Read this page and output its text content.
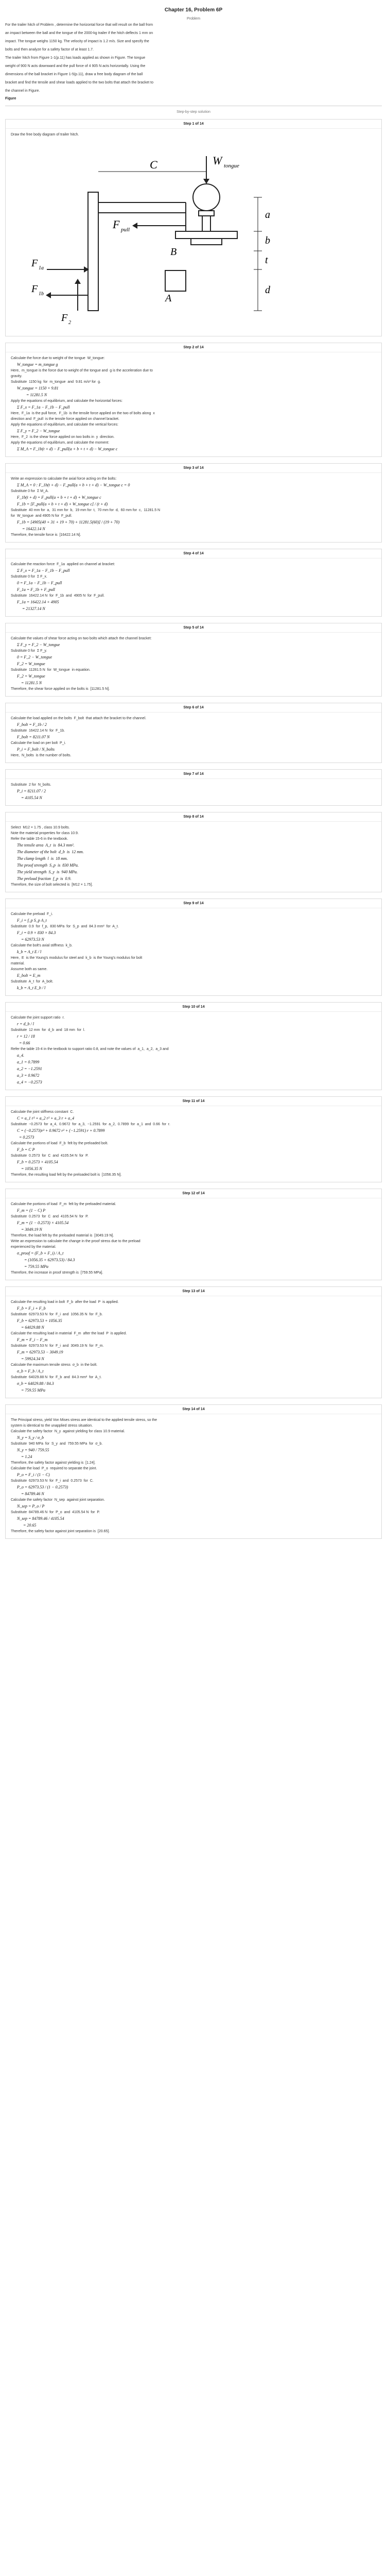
Chapter 16, Problem 6P
Problem
For the trailer hitch of Problem , determine the horizontal force that will result on the ball from
an impact between the ball and the tongue of the 2000-kg trailer if the hitch deflects 1 mm on
impact. The tongue weighs 1150 kg. The velocity of impact is 1.2 m/s. Size and specify the
bolts and then analyze for a safety factor of at least 1.7.
The trailer hitch from Figure 1-1(p.11) has loads applied as shown in Figure. The tongue
weight of 900 N acts downward and the pull force of 4 905 N acts horizontally. Using the
dimensions of the ball bracket in Figure 1-5(p.11), draw a free body diagram of the ball
bracket and find the tensile and shear loads applied to the two bolts that attach the bracket to
the channel in Figure.
Figure
Step-by-step solution
Step 1 of 14
Draw the free body diagram of trailer hitch.
W tongue
F pull
C
a
b
t
d
B
A
F 1a
F 1b
F 2
Step 2 of 14
Calculate the force due to weight of the tongue  W_tongue:
W_tongue = m_tongue g
Here,  m_tongue is the force due to weight of the tongue and  g is the acceleration due to
gravity.
Substitute  1150 kg  for  m_tongue  and  9.81 m/s² for  g.
W_tongue = 1150 × 9.81
= 11281.5 N
Apply the equations of equilibrium, and calculate the horizontal forces:
Σ F_x = F_1a − F_1b − F_pull
Here,  F_1a  is the pull force,  F_1b  is the tensile force applied on the two of bolts along  x
direction and  F_pull  is the tensile force applied on channel bracket.
Apply the equations of equilibrium, and calculate the vertical forces:
Σ F_y = F_2 − W_tongue
Here,  F_2  is the shear force applied on two bolts in  y  direction.
Apply the equations of equilibrium, and calculate the moment:
Σ M_A = F_1b(t + d) − F_pull(a + b + t + d) − W_tongue c
Step 3 of 14
Write an expression to calculate the axial force acting on the bolts:
Σ M_A = 0 : F_1b(t + d) − F_pull(a + b + t + d) − W_tongue c = 0
Substitute 0 for  Σ M_A.
F_1b(t + d) = F_pull(a + b + t + d) + W_tongue c
F_1b = [F_pull(a + b + t + d) + W_tongue c] / (t + d)
Substitute  40 mm for  a,  31 mm for  b,  19 mm for  t,  70 mm for  d,  60 mm for  c,  11281.5 N
for  W_tongue  and 4905 N for  F_pull.
F_1b = [4905(40 + 31 + 19 + 70) + 11281.5(60)] / (19 + 70)
= 16422.14 N
Therefore, the tensile force is  [16422.14 N].
Step 4 of 14
Calculate the reaction force  F_1a  applied on channel at bracket:
Σ F_x = F_1a − F_1b − F_pull
Substitute 0 for  Σ F_x.
0 = F_1a − F_1b − F_pull
F_1a = F_1b + F_pull
Substitute  16422.14 N  for  F_1b  and  4905 N  for  F_pull.
F_1a = 16422.14 + 4905
= 21327.14 N
Step 5 of 14
Calculate the values of shear force acting on two bolts which attach the channel bracket:
Σ F_y = F_2 − W_tongue
Substitute 0 for  Σ F_y.
0 = F_2 − W_tongue
F_2 = W_tongue
Substitute  11281.5 N  for  W_tongue  in equation.
F_2 = W_tongue
= 11281.5 N
Therefore, the shear force applied on the bolts is  [11281.5 N].
Step 6 of 14
Calculate the load applied on the bolts  F_bolt  that attach the bracket to the channel.
F_bolt = F_1b / 2
Substitute  16422.14 N  for  F_1b.
F_bolt = 8211.07 N
Calculate the load on per bolt  P_i.
P_i = F_bolt / N_bolts
Here,  N_bolts  is the number of bolts.
Step 7 of 14
Substitute  2 for  N_bolts.
P_i = 8211.07 / 2
= 4105.54 N
Step 8 of 14
Select  M12 × 1.75 , class 10.9 bolts.
Note the material properties for class 10.9.
Refer the table 15-6 in the textbook.
The tensile area  A_t  is  84.3 mm².
The diameter of the bolt  d_b  is  12 mm.
The clamp length  l  is  18 mm.
The proof strength  S_p  is  830 MPa.
The yield strength  S_y  is  940 MPa.
The preload fraction  f_p  is  0.9.
Therefore, the size of bolt selected is  [M12 × 1.75].
Step 9 of 14
Calculate the preload  F_i.
F_i = f_p S_p A_t
Substitute  0.9  for  f_p,  830 MPa  for  S_p  and  84.3 mm²  for  A_t.
F_i = 0.9 × 830 × 84.3
= 62973.53 N
Calculate the bolt's axial stiffness  k_b.
k_b = A_t E / l
Here,  E  is the Young's modulus for steel and  k_b  is the Young's modulus for bolt
material.
Assume both as same.
E_bolt = E_m
Substitute  A_t  for  A_bolt.
k_b = A_t E_b / l
Step 10 of 14
Calculate the joint support ratio  r.
r = d_b / l
Substitute  12 mm  for  d_b  and  18 mm  for  l.
r = 12 / 18
= 0.66
Refer the table 15-4 in the textbook to support ratio 0.8, and note the values of  a_1,  a_2,  a_3 and
a_4.
a_1 = 0.7899
a_2 = −1.2591
a_3 = 0.9672
a_4 = −0.2573
Step 11 of 14
Calculate the joint stiffness constant  C.
C = a_1 r³ + a_2 r² + a_3 r + a_4
Substitute  −0.2573  for  a_4,  0.9672  for  a_3,  −1.2591  for  a_2,  0.7899  for  a_1  and  0.66  for  r.
C = (−0.2573)r³ + 0.9672 r² + (−1.2591) r + 0.7899
= 0.2573
Calculate the portions of load  F_b  felt by the preloaded bolt.
F_b = C P
Substitute  0.2573  for  C  and  4105.54 N  for  P.
F_b = 0.2573 × 4105.54
= 1056.35 N
Therefore, the resulting load felt by the preloaded bolt is  [1056.35 N].
Step 12 of 14
Calculate the portions of load  F_m  felt by the preloaded material.
F_m = (1 − C) P
Substitute  0.2573  for  C  and  4105.54 N  for  P.
F_m = (1 − 0.2573) × 4105.54
= 3049.19 N
Therefore, the load felt by the preloaded material is  [3049.19 N].
Write an expression to calculate the change in the proof stress due to the preload
experienced by the material.
σ_proof = (F_b + F_i) / A_t
= (1056.35 + 62973.53) / 84.3
= 759.55 MPa
Therefore, the increase in proof strength is  [759.55 MPa].
Step 13 of 14
Calculate the resulting load in bolt  F_b  after the load  P  is applied.
F_b = F_i + F_b
Substitute  62973.53 N  for  F_i  and  1056.35 N  for  F_b.
F_b = 62973.53 + 1056.35
= 64029.88 N
Calculate the resulting load in material  F_m  after the load  P  is applied.
F_m = F_i − F_m
Substitute  62973.53 N  for  F_i  and  3049.19 N  for  F_m.
F_m = 62973.53 − 3049.19
= 59924.34 N
Calculate the maximum tensile stress  σ_b  in the bolt.
σ_b = F_b / A_t
Substitute  64029.88 N  for  F_b  and  84.3 mm²  for  A_t.
σ_b = 64029.88 / 84.3
= 759.55 MPa
Step 14 of 14
The Principal stress, yield Von Mises stress are identical to the applied tensile stress, so the
system is identical to the unapplied stress situation.
Calculate the safety factor  N_y  against yielding for class 10.9 material.
N_y = S_y / σ_b
Substitute  940 MPa  for  S_y  and  759.55 MPa  for  σ_b.
N_y = 940 / 759.55
= 1.24
Therefore, the safety factor against yielding is  [1.24].
Calculate the load  P_o  required to separate the joint.
P_o = F_i / (1 − C)
Substitute  62973.53 N  for  F_i  and  0.2573  for  C.
P_o = 62973.53 / (1 − 0.2573)
= 84789.46 N
Calculate the safety factor  N_sep  against joint separation.
N_sep = P_o / P
Substitute  84789.46 N  for  P_o  and  4105.54 N  for  P.
N_sep = 84789.46 / 4105.54
= 20.65
Therefore, the safety factor against joint separation is  [20.65].
